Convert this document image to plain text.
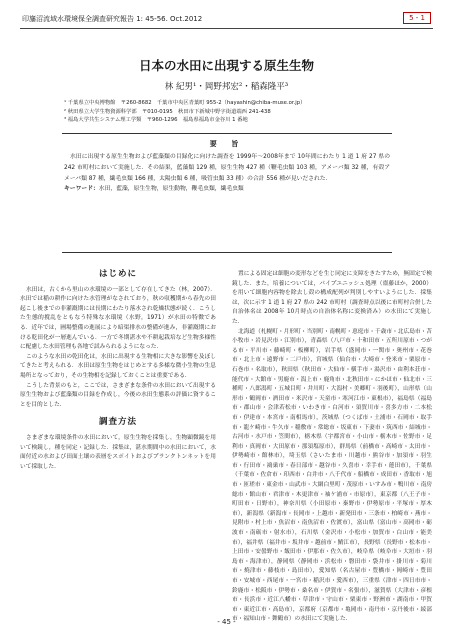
印旛沼流域水環境保全調査研究報告 1: 45-56. Oct.2012	5 - 1
日本の水田に出現する原生生物
林 紀男¹・岡野邦宏²・稲森隆平³
¹ 千葉県立中央博物館　〒260-8682　千葉市中央区青葉町 955-2（hayashin@chiba-muse.or.jp）
² 秋田県立大学生物資源科学部　〒010-0195　秋田市下新城中野字街道端西 241-438
³ 福島大学共生システム理工学類　〒960-1296　福島県福島市金谷川 1 番地
要 旨

水田に出現する原生生物および藍藻類の目録化に向けた調査を 1999年〜2008年まで 10年間にわたり 1 道 1 府 27 県の 242 市町村において実施した．その結果，藍藻類 129 種，原生生物 427 種（鞭毛虫類 103 種，アメーバ類 32 種，有殻アメーバ類 87 種，繊毛虫類 166 種，太陽虫類 6 種，吸管虫類 33 種）の合計 556 種が見いだされた．

キーワード：水田，藍藻，原生生物，原生動物，鞭毛虫類，繊毛虫類
はじめに

水田は，古くから里山の水環境の一部として存在してきた（林，2007）．水田では稲の耕作に向けた水管理がなされており，秋の収穫期から春先の田起こし後までの非灌漑期には長期にわたり落水され乾燥状態が続く．こうした生態的撹乱をともなう特殊な水環境（水野，1971）が水田の特徴である．近年では，圃場整備の進展により暗渠排水の整備が進み，非灌漑期における乾田化が一層進んでいる．一方で冬期湛水や不耕起栽培など生物多様性に配慮した水田管理も各地で試みられるようになった．

このような水田の乾田化は，水田に出現する生物相に大きな影響を及ぼしてきたと考えられる．水田は原生生物をはじめとする多様な微小生物の生息場所となっており，その生物相を記録しておくことは重要である．

こうした背景のもと，ここでは，さまざまな条件の水田において出現する原生生物および藍藻類の目録を作成し，今後の水田生態系の評価に資することを目的とした．

調査方法

さまざまな環境条件の水田において，原生生物を採集し，生物顕微鏡を用いて検鏡し，種を同定・記録した．採集は，湛水期間中の水田において，水面付近の水および田面土壌の表層をスポイトおよびプランクトンネットを用いて採取した．

置による固定は細胞の変形などを生じ同定に支障をきたすため，無固定で検鏡した．また，培養については，パイプユニッシュ処理（齋藤ほか，2000）を用いて細胞内容物を除去し殻の構成配列が判別しやすいようにした．採集は，次に示す 1 道 1 府 27 県の 242 市町村（調査時点以後に市町村合併した自治体名は 2008年 10月時点の自治体名称に変換済み）の水田にて実施した．

北海道（札幌町・月形町・当別町・南幌町・恵庭市・千歳市・北広島市・苫小牧市・岩見沢市・江別市），青森県（八戸市・十和田市・五所川原市・つがる市・平川市・藤崎町・板柳町），岩手県（盛岡市・一関市・奥州市・花巻市・北上市・遠野市・二戸市），宮城県（仙台市・大崎市・登米市・栗原市・石巻市・名取市），秋田県（秋田市・大仙市・横手市・湯沢市・由利本荘市・能代市・大館市・男鹿市・潟上市・鹿角市・北秋田市・にかほ市・仙北市・三種町・八郎潟町・五城目町・井川町・大潟村・美郷町・羽後町），山形県（山形市・鶴岡市・酒田市・米沢市・天童市・寒河江市・東根市），福島県（福島市・郡山市・会津若松市・いわき市・白河市・須賀川市・喜多方市・二本松市・伊達市・本宮市・南相馬市），茨城県（つくば市・土浦市・石岡市・取手市・龍ケ崎市・牛久市・稲敷市・常総市・坂東市・下妻市・筑西市・結城市・古河市・水戸市・笠間市），栃木県（宇都宮市・小山市・栃木市・佐野市・足利市・真岡市・大田原市・那須塩原市），群馬県（前橋市・高崎市・太田市・伊勢崎市・館林市），埼玉県（さいたま市・川越市・熊谷市・加須市・羽生市・行田市・鴻巣市・春日部市・越谷市・久喜市・幸手市・蓮田市），千葉県（千葉市・佐倉市・印西市・白井市・八千代市・船橋市・成田市・香取市・旭市・匝瑳市・東金市・山武市・大網白里町・茂原市・いすみ市・鴨川市・南房総市・館山市・君津市・木更津市・袖ケ浦市・市原市），東京都（八王子市・町田市・日野市），神奈川県（小田原市・秦野市・伊勢原市・平塚市・厚木市），新潟県（新潟市・長岡市・上越市・新発田市・三条市・柏崎市・燕市・見附市・村上市・魚沼市・南魚沼市・佐渡市），富山県（富山市・高岡市・砺波市・南砺市・射水市），石川県（金沢市・小松市・加賀市・白山市・能美市），福井県（福井市・坂井市・越前市・鯖江市），長野県（長野市・松本市・上田市・安曇野市・飯田市・伊那市・佐久市），岐阜県（岐阜市・大垣市・羽島市・海津市），静岡県（静岡市・浜松市・磐田市・袋井市・掛川市・菊川市・焼津市・藤枝市・島田市），愛知県（名古屋市・豊橋市・岡崎市・豊田市・安城市・西尾市・一宮市・稲沢市・愛西市），三重県（津市・四日市市・鈴鹿市・松阪市・伊勢市・桑名市・伊賀市・名張市），滋賀県（大津市・彦根市・長浜市・近江八幡市・草津市・守山市・栗東市・野洲市・湖南市・甲賀市・東近江市・高島市），京都府（京都市・亀岡市・南丹市・京丹後市・綾部市・福知山市・舞鶴市）の水田にて実施した．

- 45 -
